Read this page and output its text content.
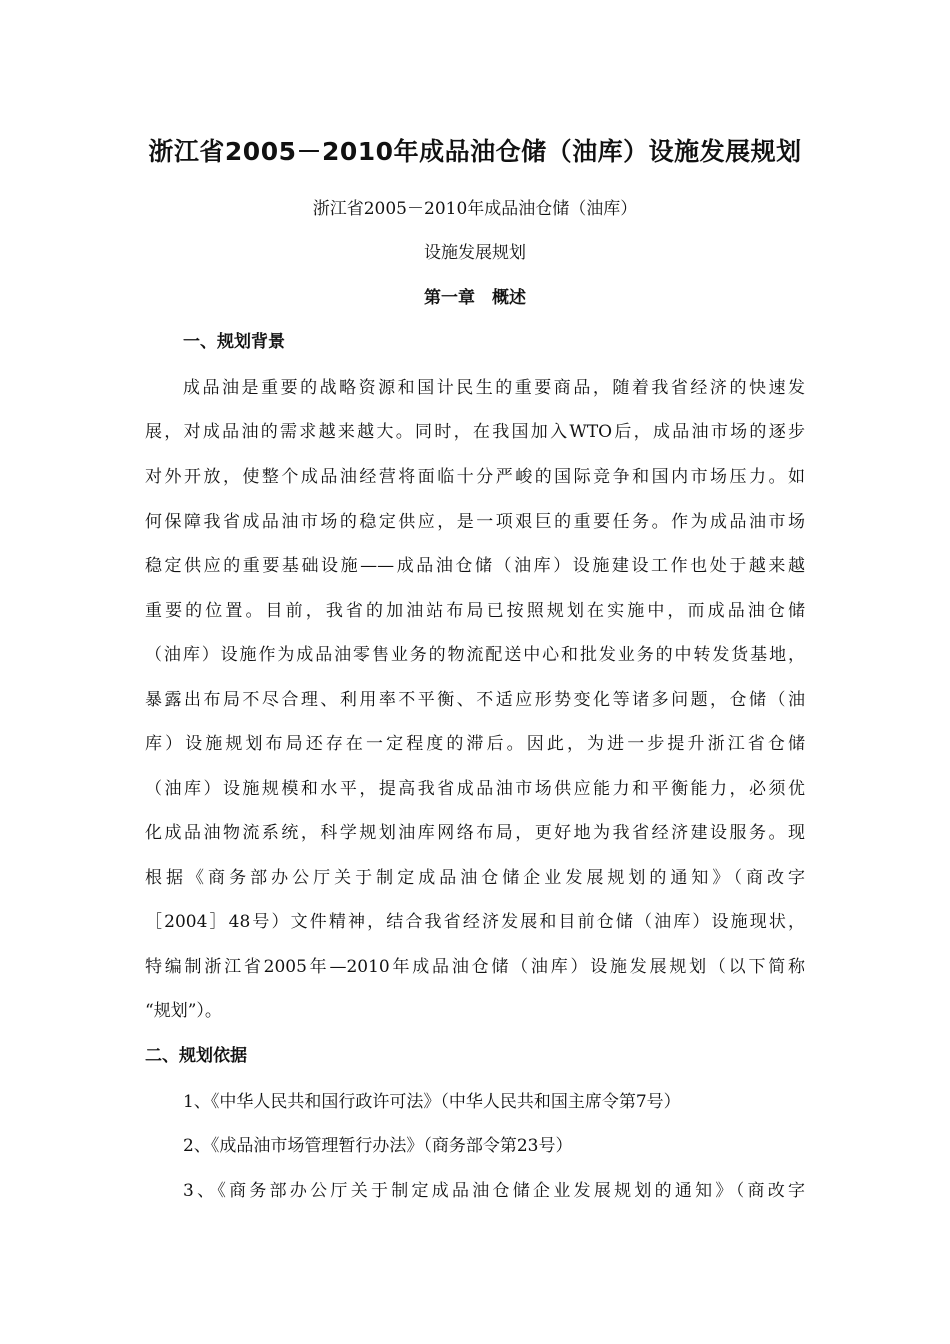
浙江省2005－2010年成品油仓储（油库）设施发展规划
浙江省2005－2010年成品油仓储（油库）
设施发展规划
第一章　概述
一、规划背景
成品油是重要的战略资源和国计民生的重要商品，随着我省经济的快速发
展，对成品油的需求越来越大。同时，在我国加入WTO后，成品油市场的逐步
对外开放，使整个成品油经营将面临十分严峻的国际竞争和国内市场压力。如
何保障我省成品油市场的稳定供应，是一项艰巨的重要任务。作为成品油市场
稳定供应的重要基础设施——成品油仓储（油库）设施建设工作也处于越来越
重要的位置。目前，我省的加油站布局已按照规划在实施中，而成品油仓储
（油库）设施作为成品油零售业务的物流配送中心和批发业务的中转发货基地，
暴露出布局不尽合理、利用率不平衡、不适应形势变化等诸多问题，仓储（油
库）设施规划布局还存在一定程度的滞后。因此，为进一步提升浙江省仓储
（油库）设施规模和水平，提高我省成品油市场供应能力和平衡能力，必须优
化成品油物流系统，科学规划油库网络布局，更好地为我省经济建设服务。现
根据《商务部办公厅关于制定成品油仓储企业发展规划的通知》（商改字
［2004］48号）文件精神，结合我省经济发展和目前仓储（油库）设施现状，
特编制浙江省2005年—2010年成品油仓储（油库）设施发展规划（以下简称
“规划”）。
二、规划依据
1、《中华人民共和国行政许可法》（中华人民共和国主席令第7号）
2、《成品油市场管理暂行办法》（商务部令第23号）
3、《商务部办公厅关于制定成品油仓储企业发展规划的通知》（商改字
